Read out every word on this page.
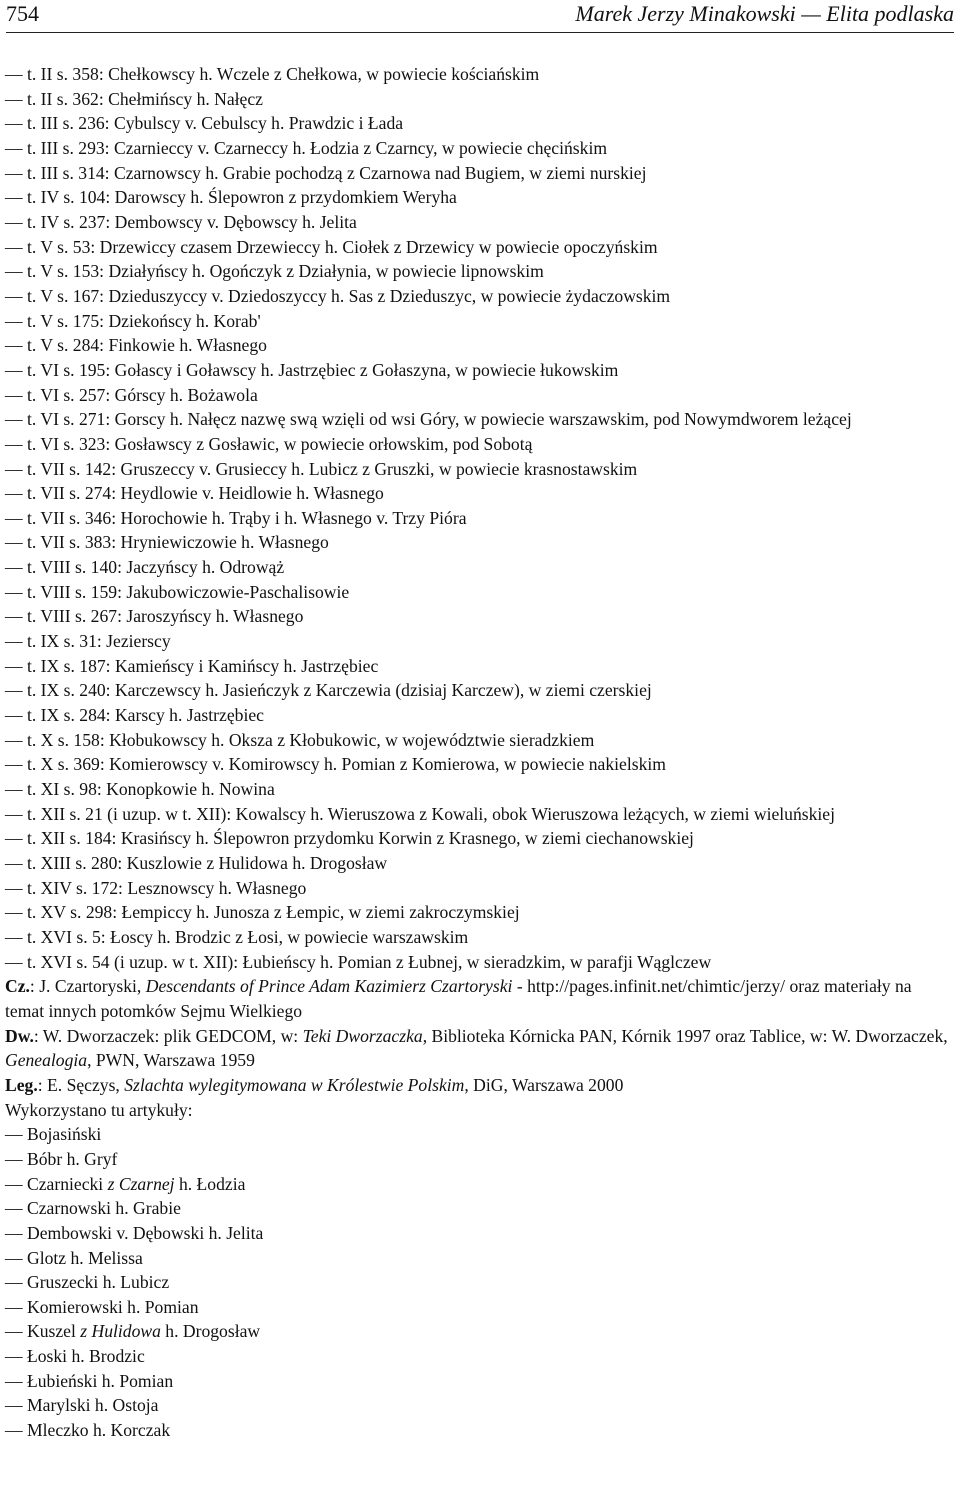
754	Marek Jerzy Minakowski — Elita podlaska
— t. II s. 358: Chełkowscy h. Wczele z Chełkowa, w powiecie kościańskim
— t. II s. 362: Chełmińscy h. Nałęcz
— t. III s. 236: Cybulscy v. Cebulscy h. Prawdzic i Łada
— t. III s. 293: Czarnieccy v. Czarneccy h. Łodzia z Czarncy, w powiecie chęcińskim
— t. III s. 314: Czarnowscy h. Grabie pochodzą z Czarnowa nad Bugiem, w ziemi nurskiej
— t. IV s. 104: Darowscy h. Ślepowron z przydomkiem Weryha
— t. IV s. 237: Dembowscy v. Dębowscy h. Jelita
— t. V s. 53: Drzewiccy czasem Drzewieccy h. Ciołek z Drzewicy w powiecie opoczyńskim
— t. V s. 153: Działyńscy h. Ogończyk z Działynia, w powiecie lipnowskim
— t. V s. 167: Dzieduszyccy v. Dziedoszyccy h. Sas z Dzieduszyc, w powiecie żydaczowskim
— t. V s. 175: Dziekońscy h. Korab'
— t. V s. 284: Finkowie h. Własnego
— t. VI s. 195: Gołascy i Goławscy h. Jastrzębiec z Gołaszyna, w powiecie łukowskim
— t. VI s. 257: Górscy h. Bożawola
— t. VI s. 271: Gorscy h. Nałęcz nazwę swą wzięli od wsi Góry, w powiecie warszawskim, pod Nowymdworem leżącej
— t. VI s. 323: Gosławscy z Gosławic, w powiecie orłowskim, pod Sobotą
— t. VII s. 142: Gruszeccy v. Grusieccy h. Lubicz z Gruszki, w powiecie krasnostawskim
— t. VII s. 274: Heydlowie v. Heidlowie h. Własnego
— t. VII s. 346: Horochowie h. Trąby i h. Własnego v. Trzy Pióra
— t. VII s. 383: Hryniewiczowie h. Własnego
— t. VIII s. 140: Jaczyńscy h. Odrowąż
— t. VIII s. 159: Jakubowiczowie-Paschalisowie
— t. VIII s. 267: Jaroszyńscy h. Własnego
— t. IX s. 31: Jezierscy
— t. IX s. 187: Kamieńscy i Kamińscy h. Jastrzębiec
— t. IX s. 240: Karczewscy h. Jasieńczyk z Karczewia (dzisiaj Karczew), w ziemi czerskiej
— t. IX s. 284: Karscy h. Jastrzębiec
— t. X s. 158: Kłobukowscy h. Oksza z Kłobukowic, w województwie sieradzkiem
— t. X s. 369: Komierowscy v. Komirowscy h. Pomian z Komierowa, w powiecie nakielskim
— t. XI s. 98: Konopkowie h. Nowina
— t. XII s. 21 (i uzup. w t. XII): Kowalscy h. Wieruszowa z Kowali, obok Wieruszowa leżących, w ziemi wieluńskiej
— t. XII s. 184: Krasińscy h. Ślepowron przydomku Korwin z Krasnego, w ziemi ciechanowskiej
— t. XIII s. 280: Kuszlowie z Hulidowa h. Drogosław
— t. XIV s. 172: Lesznowscy h. Własnego
— t. XV s. 298: Łempiccy h. Junosza z Łempic, w ziemi zakroczymskiej
— t. XVI s. 5: Łoscy h. Brodzic z Łosi, w powiecie warszawskim
— t. XVI s. 54 (i uzup. w t. XII): Łubieńscy h. Pomian z Łubnej, w sieradzkim, w parafji Wąglczew
Cz.: J. Czartoryski, Descendants of Prince Adam Kazimierz Czartoryski - http://pages.infinit.net/chimtic/jerzy/ oraz materiały na temat innych potomków Sejmu Wielkiego
Dw.: W. Dworzaczek: plik GEDCOM, w: Teki Dworzaczka, Biblioteka Kórnicka PAN, Kórnik 1997 oraz Tablice, w: W. Dworzaczek, Genealogia, PWN, Warszawa 1959
Leg.: E. Sęczys, Szlachta wylegitymowana w Królestwie Polskim, DiG, Warszawa 2000
Wykorzystano tu artykuły:
— Bojasiński
— Bóbr h. Gryf
— Czarniecki z Czarnej h. Łodzia
— Czarnowski h. Grabie
— Dembowski v. Dębowski h. Jelita
— Glotz h. Melissa
— Gruszecki h. Lubicz
— Komierowski h. Pomian
— Kuszel z Hulidowa h. Drogosław
— Łoski h. Brodzic
— Łubieński h. Pomian
— Marylski h. Ostoja
— Mleczko h. Korczak
